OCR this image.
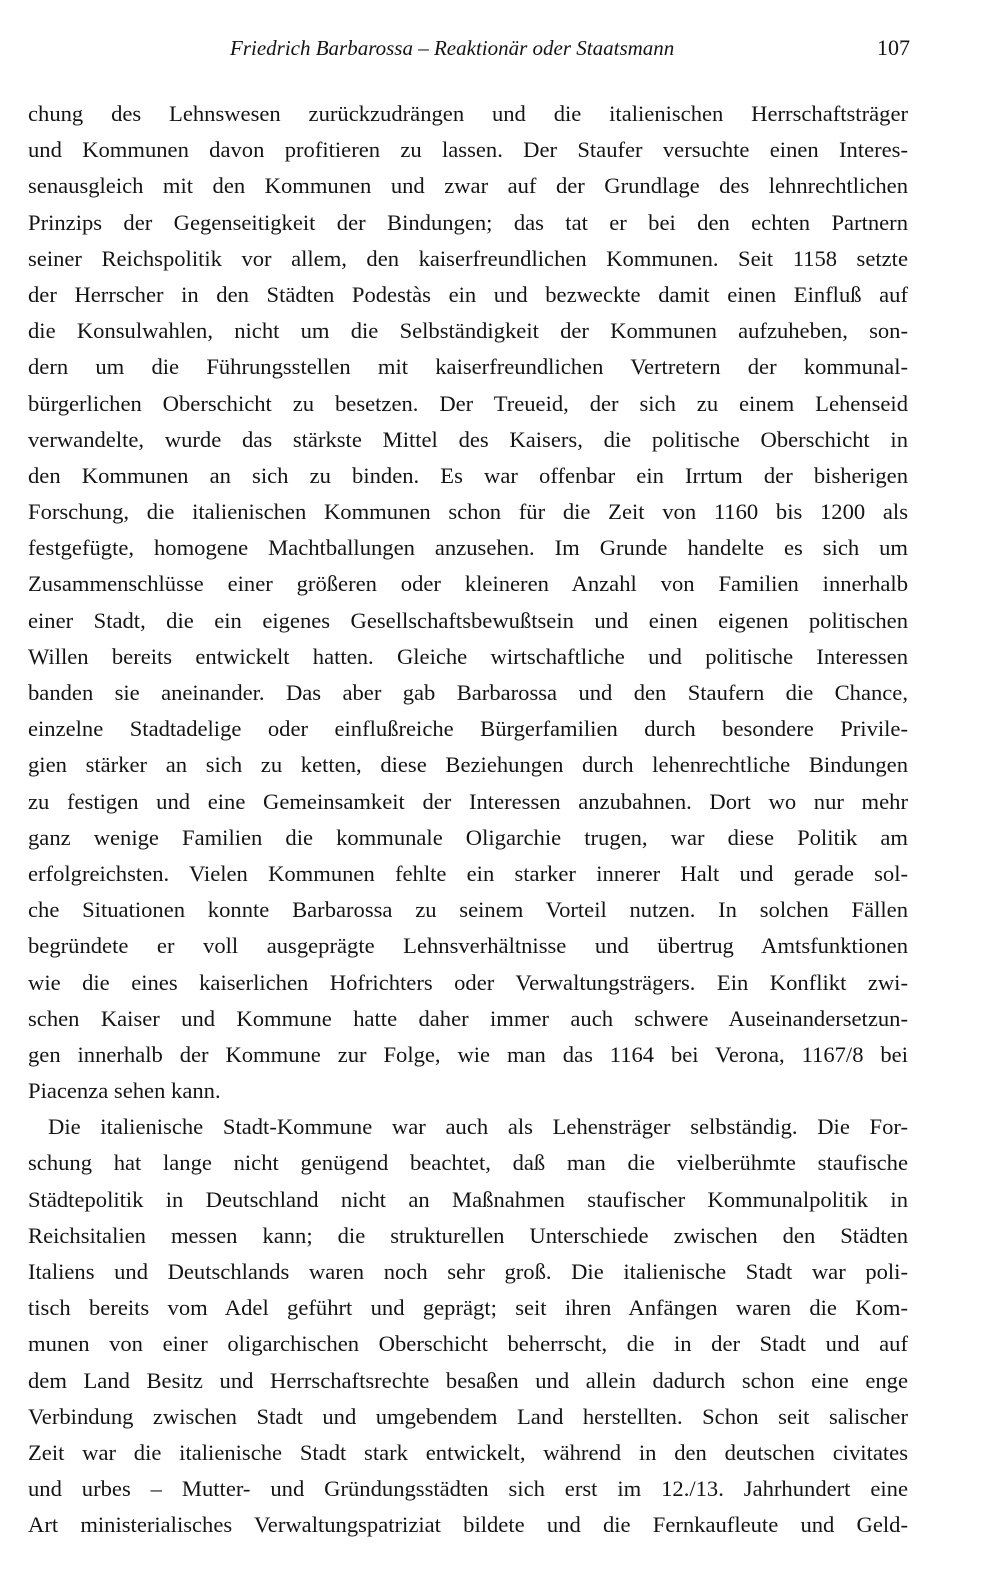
Friedrich Barbarossa – Reaktionär oder Staatsmann	107
chung des Lehnswesen zurückzudrängen und die italienischen Herrschaftsträger
und Kommunen davon profitieren zu lassen. Der Staufer versuchte einen Interes-
senausgleich mit den Kommunen und zwar auf der Grundlage des lehnrechtlichen
Prinzips der Gegenseitigkeit der Bindungen; das tat er bei den echten Partnern
seiner Reichspolitik vor allem, den kaiserfreundlichen Kommunen. Seit 1158 setzte
der Herrscher in den Städten Podestàs ein und bezweckte damit einen Einfluß auf
die Konsulwahlen, nicht um die Selbständigkeit der Kommunen aufzuheben, son-
dern um die Führungsstellen mit kaiserfreundlichen Vertretern der kommunal-
bürgerlichen Oberschicht zu besetzen. Der Treueid, der sich zu einem Lehenseid
verwandelte, wurde das stärkste Mittel des Kaisers, die politische Oberschicht in
den Kommunen an sich zu binden. Es war offenbar ein Irrtum der bisherigen
Forschung, die italienischen Kommunen schon für die Zeit von 1160 bis 1200 als
festgefügte, homogene Machtballungen anzusehen. Im Grunde handelte es sich um
Zusammenschlüsse einer größeren oder kleineren Anzahl von Familien innerhalb
einer Stadt, die ein eigenes Gesellschaftsbewußtsein und einen eigenen politischen
Willen bereits entwickelt hatten. Gleiche wirtschaftliche und politische Interessen
banden sie aneinander. Das aber gab Barbarossa und den Staufern die Chance,
einzelne Stadtadelige oder einflußreiche Bürgerfamilien durch besondere Privile-
gien stärker an sich zu ketten, diese Beziehungen durch lehenrechtliche Bindungen
zu festigen und eine Gemeinsamkeit der Interessen anzubahnen. Dort wo nur mehr
ganz wenige Familien die kommunale Oligarchie trugen, war diese Politik am
erfolgreichsten. Vielen Kommunen fehlte ein starker innerer Halt und gerade sol-
che Situationen konnte Barbarossa zu seinem Vorteil nutzen. In solchen Fällen
begründete er voll ausgeprägte Lehnsverhältnisse und übertrug Amtsfunktionen
wie die eines kaiserlichen Hofrichters oder Verwaltungsträgers. Ein Konflikt zwi-
schen Kaiser und Kommune hatte daher immer auch schwere Auseinandersetzun-
gen innerhalb der Kommune zur Folge, wie man das 1164 bei Verona, 1167/8 bei
Piacenza sehen kann.
Die italienische Stadt-Kommune war auch als Lehensträger selbständig. Die For-
schung hat lange nicht genügend beachtet, daß man die vielberühmte staufische
Städtepolitik in Deutschland nicht an Maßnahmen staufischer Kommunalpolitik in
Reichsitalien messen kann; die strukturellen Unterschiede zwischen den Städten
Italiens und Deutschlands waren noch sehr groß. Die italienische Stadt war poli-
tisch bereits vom Adel geführt und geprägt; seit ihren Anfängen waren die Kom-
munen von einer oligarchischen Oberschicht beherrscht, die in der Stadt und auf
dem Land Besitz und Herrschaftsrechte besaßen und allein dadurch schon eine enge
Verbindung zwischen Stadt und umgebendem Land herstellten. Schon seit salischer
Zeit war die italienische Stadt stark entwickelt, während in den deutschen civitates
und urbes – Mutter- und Gründungsstädten sich erst im 12./13. Jahrhundert eine
Art ministerialisches Verwaltungspatriziat bildete und die Fernkaufleute und Geld-
